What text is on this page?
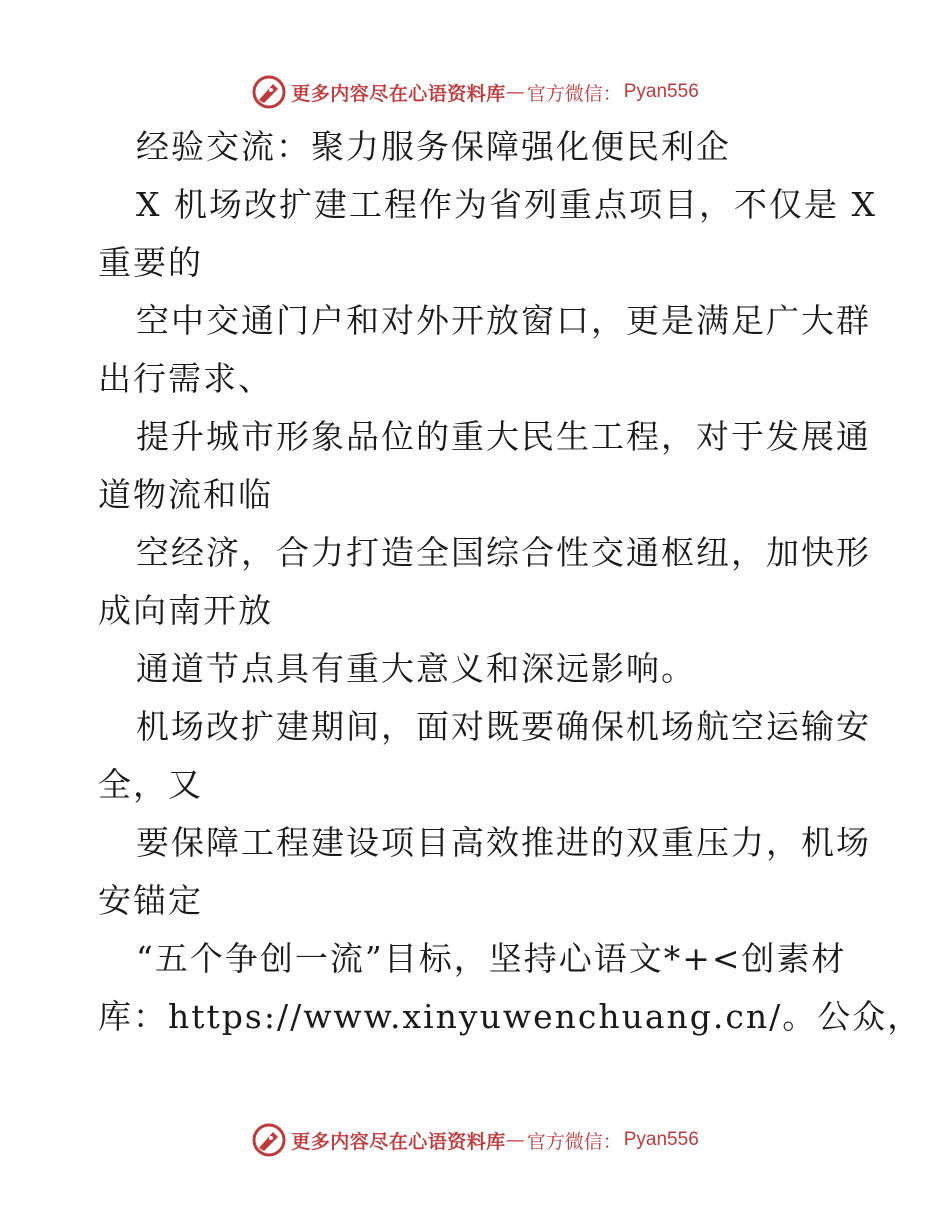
更多内容尽在心语资料库 — 官方微信： Pyan556
经验交流：聚力服务保障强化便民利企
X 机场改扩建工程作为省列重点项目，不仅是 X
重要的
空中交通门户和对外开放窗口，更是满足广大群
出行需求、
提升城市形象品位的重大民生工程，对于发展通
道物流和临
空经济，合力打造全国综合性交通枢纽，加快形
成向南开放
通道节点具有重大意义和深远影响。
机场改扩建期间，面对既要确保机场航空运输安
全，又
要保障工程建设项目高效推进的双重压力，机场
安锚定
“五个争创一流”目标，坚持心语文*+<创素材
库：https://www.xinyuwenchuang.cn/。公众，
更多内容尽在心语资料库 — 官方微信： Pyan556
